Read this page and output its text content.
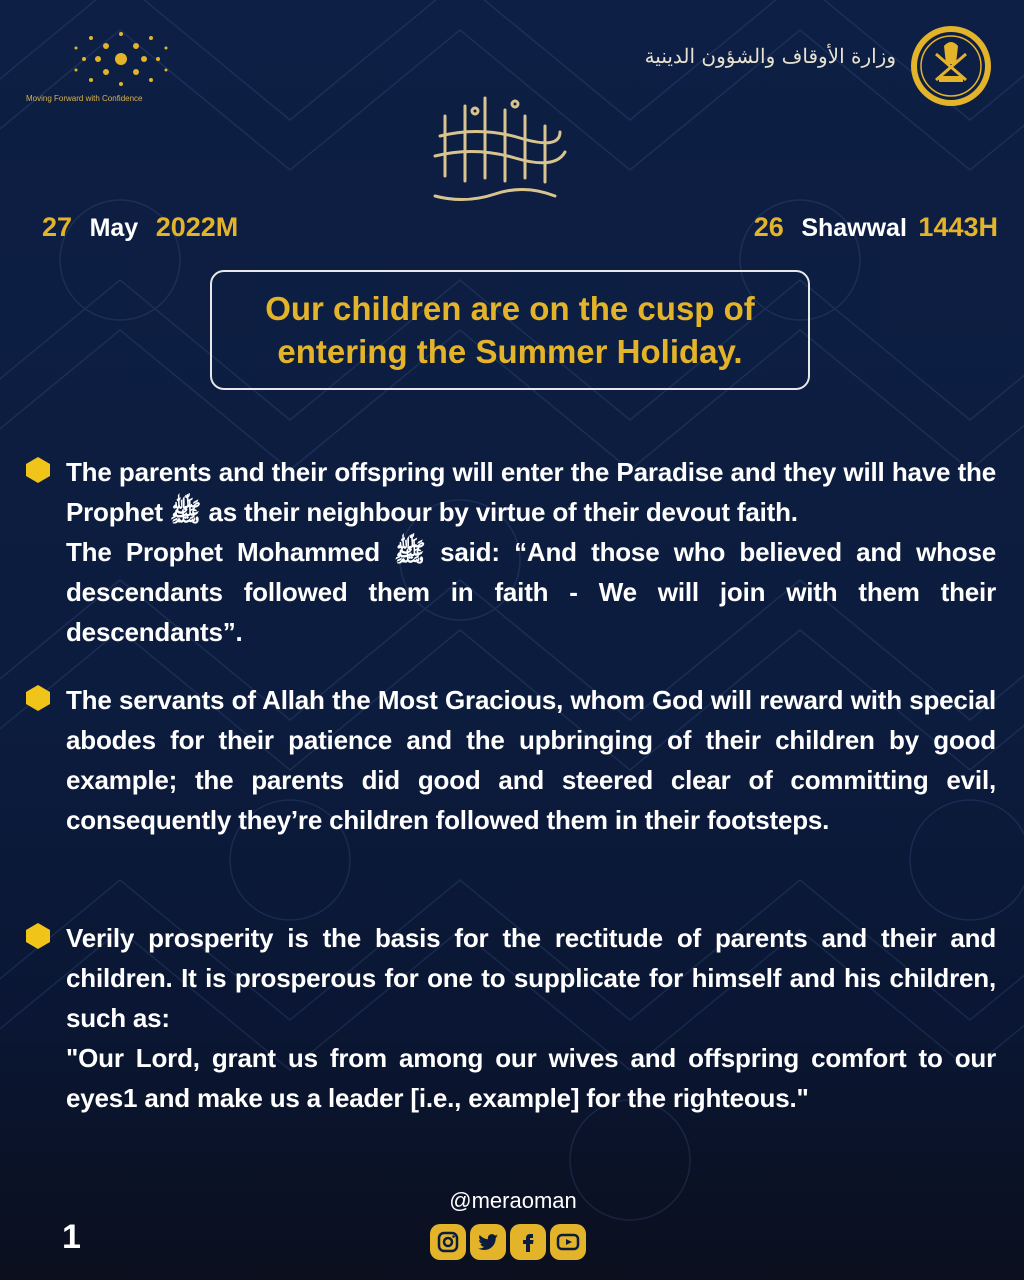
Moving Forward with Confidence
وزارة الأوقاف والشؤون الدينية
27 May 2022M	26 Shawwal 1443H
Our children are on the cusp of entering the Summer Holiday.

The parents and their offspring will enter the Paradise and they will have the Prophet ﷺ as their neighbour by virtue of their devout faith.

The Prophet Mohammed ﷺ said: “And those who believed and whose descendants followed them in faith - We will join with them their descendants”.

The servants of Allah the Most Gracious, whom God will reward with special abodes for their patience and the upbringing of their children by good example; the parents did good and steered clear of committing evil, consequently they’re children followed them in their footsteps.

Verily prosperity is the basis for the rectitude of parents and their and children. It is prosperous for one to supplicate for himself and his children, such as:

"Our Lord, grant us from among our wives and offspring comfort to our eyes1 and make us a leader [i.e., example] for the righteous."

1
@meraoman
